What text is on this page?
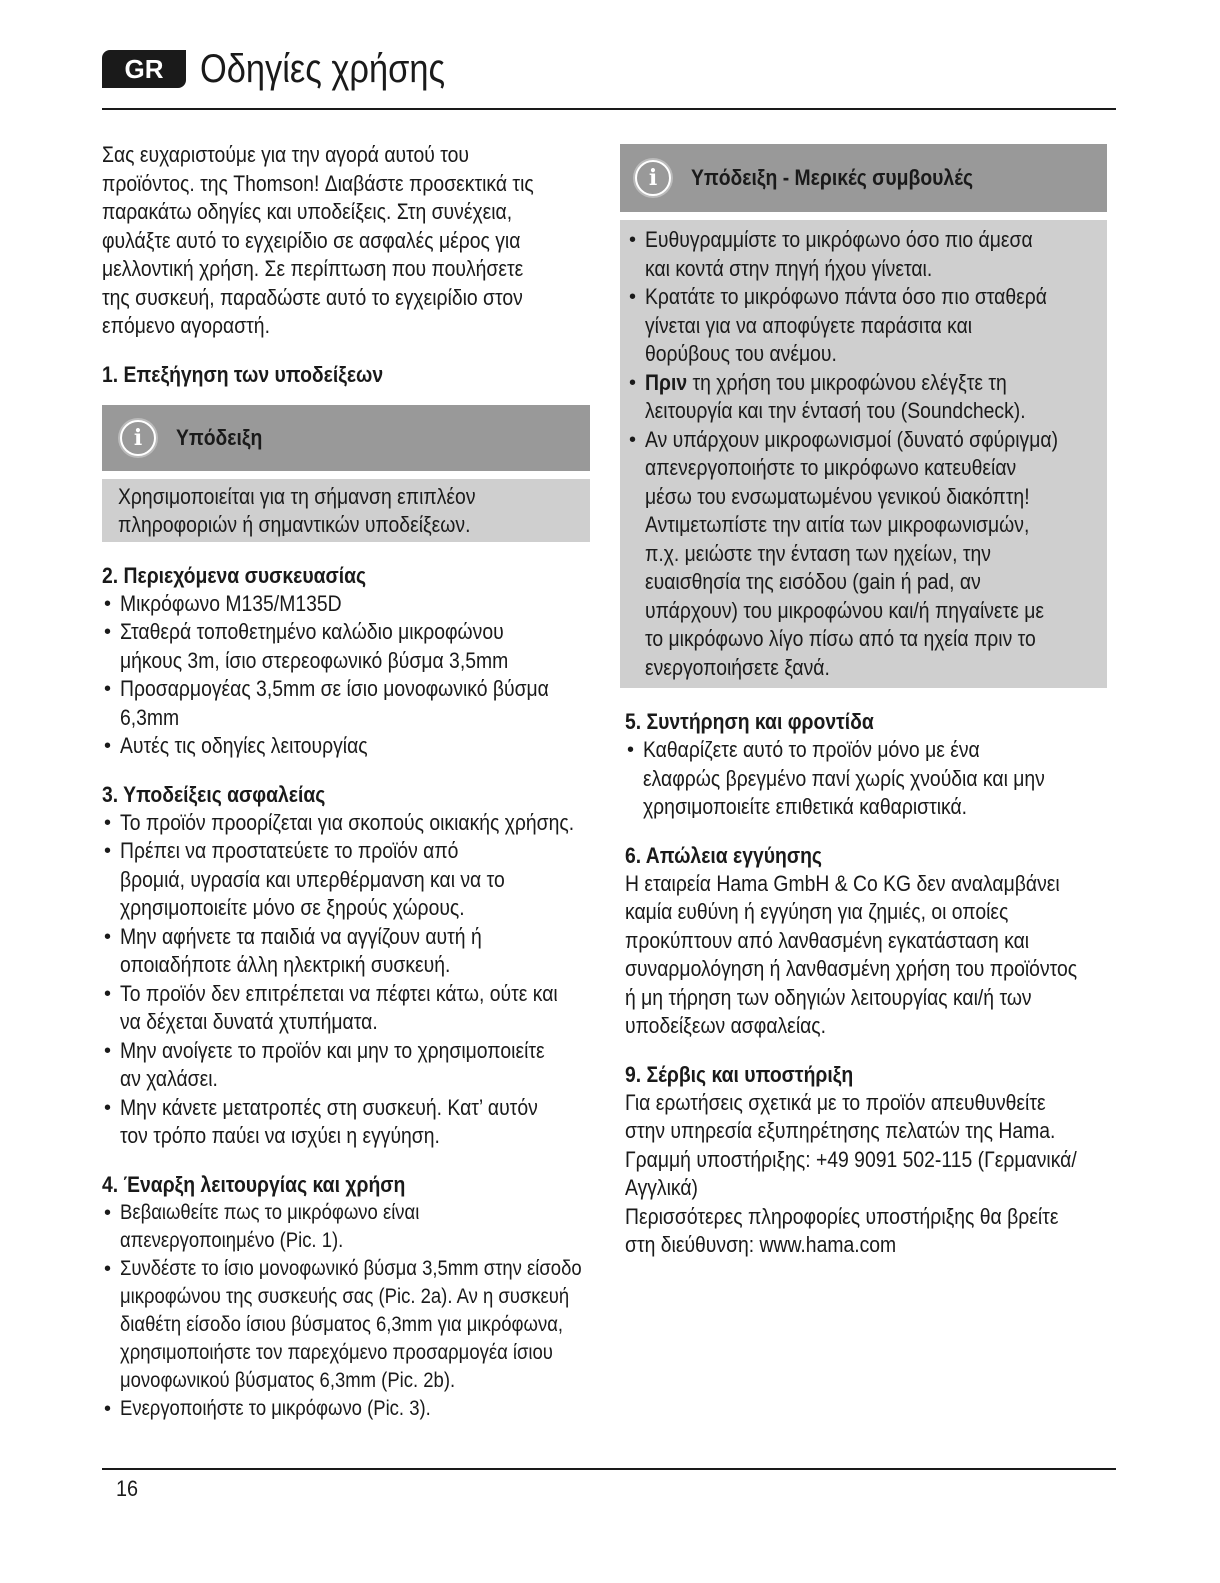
GR Οδηγίες χρήσης
Σας ευχαριστούμε για την αγορά αυτού του
προϊόντος. της Thomson! Διαβάστε προσεκτικά τις
παρακάτω οδηγίες και υποδείξεις. Στη συνέχεια,
φυλάξτε αυτό το εγχειρίδιο σε ασφαλές μέρος για
μελλοντική χρήση. Σε περίπτωση που πουλήσετε
της συσκευή, παραδώστε αυτό το εγχειρίδιο στον
επόμενο αγοραστή.
1. Επεξήγηση των υποδείξεων
i	Υπόδειξη
Χρησιμοποιείται για τη σήμανση επιπλέον
πληροφοριών ή σημαντικών υποδείξεων.
2. Περιεχόμενα συσκευασίας
• Μικρόφωνο M135/M135D
• Σταθερά τοποθετημένο καλώδιο μικροφώνου
μήκους 3m, ίσιο στερεοφωνικό βύσμα 3,5mm
• Προσαρμογέας 3,5mm σε ίσιο μονοφωνικό βύσμα
6,3mm
• Αυτές τις οδηγίες λειτουργίας
3. Υποδείξεις ασφαλείας
• Το προϊόν προορίζεται για σκοπούς οικιακής χρήσης.
• Πρέπει να προστατεύετε το προϊόν από
βρομιά, υγρασία και υπερθέρμανση και να το
χρησιμοποιείτε μόνο σε ξηρούς χώρους.
• Μην αφήνετε τα παιδιά να αγγίζουν αυτή ή
οποιαδήποτε άλλη ηλεκτρική συσκευή.
• Το προϊόν δεν επιτρέπεται να πέφτει κάτω, ούτε και
να δέχεται δυνατά χτυπήματα.
• Μην ανοίγετε το προϊόν και μην το χρησιμοποιείτε
αν χαλάσει.
• Μην κάνετε μετατροπές στη συσκευή. Κατ’ αυτόν
τον τρόπο παύει να ισχύει η εγγύηση.
4. Έναρξη λειτουργίας και χρήση
• Βεβαιωθείτε πως το μικρόφωνο είναι
απενεργοποιημένο (Pic. 1).
• Συνδέστε το ίσιο μονοφωνικό βύσμα 3,5mm στην είσοδο
μικροφώνου της συσκευής σας (Pic. 2a). Αν η συσκευή
διαθέτη είσοδο ίσιου βύσματος 6,3mm για μικρόφωνα,
χρησιμοποιήστε τον παρεχόμενο προσαρμογέα ίσιου
μονοφωνικού βύσματος 6,3mm (Pic. 2b).
• Ενεργοποιήστε το μικρόφωνο (Pic. 3).
i	Υπόδειξη - Μερικές συμβουλές
• Ευθυγραμμίστε το μικρόφωνο όσο πιο άμεσα
και κοντά στην πηγή ήχου γίνεται.
• Κρατάτε το μικρόφωνο πάντα όσο πιο σταθερά
γίνεται για να αποφύγετε παράσιτα και
θορύβους του ανέμου.
• Πριν τη χρήση του μικροφώνου ελέγξτε τη
λειτουργία και την έντασή του (Soundcheck).
• Αν υπάρχουν μικροφωνισμοί (δυνατό σφύριγμα)
απενεργοποιήστε το μικρόφωνο κατευθείαν
μέσω του ενσωματωμένου γενικού διακόπτη!
Αντιμετωπίστε την αιτία των μικροφωνισμών,
π.χ. μειώστε την ένταση των ηχείων, την
ευαισθησία της εισόδου (gain ή pad, αν
υπάρχουν) του μικροφώνου και/ή πηγαίνετε με
το μικρόφωνο λίγο πίσω από τα ηχεία πριν το
ενεργοποιήσετε ξανά.
5. Συντήρηση και φροντίδα
• Καθαρίζετε αυτό το προϊόν μόνο με ένα
ελαφρώς βρεγμένο πανί χωρίς χνούδια και μην
χρησιμοποιείτε επιθετικά καθαριστικά.
6. Απώλεια εγγύησης
Η εταιρεία Hama GmbH & Co KG δεν αναλαμβάνει
καμία ευθύνη ή εγγύηση για ζημιές, οι οποίες
προκύπτουν από λανθασμένη εγκατάσταση και
συναρμολόγηση ή λανθασμένη χρήση του προϊόντος
ή μη τήρηση των οδηγιών λειτουργίας και/ή των
υποδείξεων ασφαλείας.
9. Σέρβις και υποστήριξη
Για ερωτήσεις σχετικά με το προϊόν απευθυνθείτε
στην υπηρεσία εξυπηρέτησης πελατών της Hama.
Γραμμή υποστήριξης: +49 9091 502-115 (Γερμανικά/
Αγγλικά)
Περισσότερες πληροφορίες υποστήριξης θα βρείτε
στη διεύθυνση: www.hama.com
16
